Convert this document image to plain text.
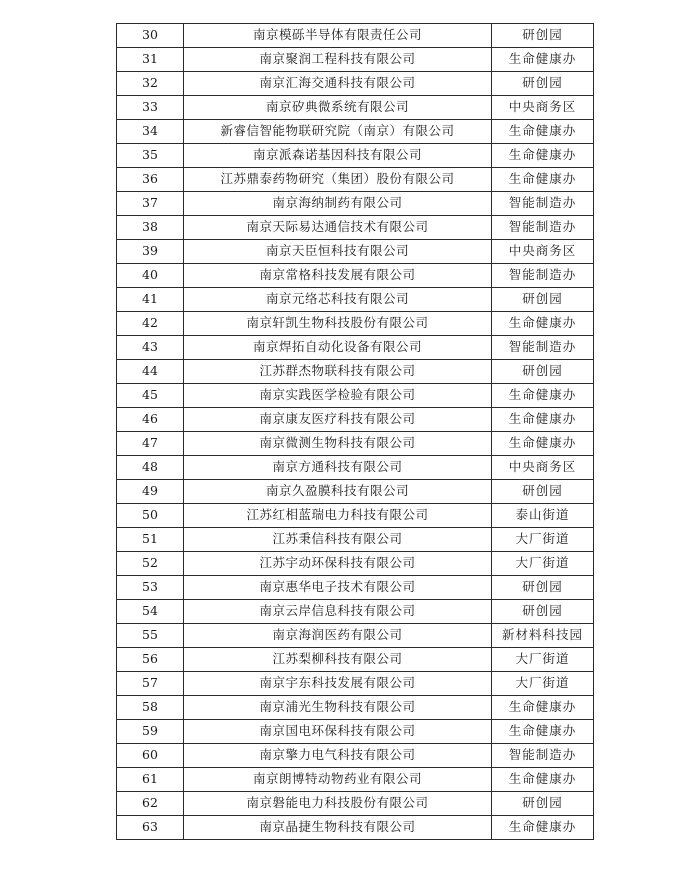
30	南京模砾半导体有限责任公司	研创园
31	南京聚润工程科技有限公司	生命健康办
32	南京汇海交通科技有限公司	研创园
33	南京矽典微系统有限公司	中央商务区
34	新睿信智能物联研究院（南京）有限公司	生命健康办
35	南京派森诺基因科技有限公司	生命健康办
36	江苏鼎泰药物研究（集团）股份有限公司	生命健康办
37	南京海纳制药有限公司	智能制造办
38	南京天际易达通信技术有限公司	智能制造办
39	南京天臣恒科技有限公司	中央商务区
40	南京常格科技发展有限公司	智能制造办
41	南京元络芯科技有限公司	研创园
42	南京轩凯生物科技股份有限公司	生命健康办
43	南京焊拓自动化设备有限公司	智能制造办
44	江苏群杰物联科技有限公司	研创园
45	南京实践医学检验有限公司	生命健康办
46	南京康友医疗科技有限公司	生命健康办
47	南京微测生物科技有限公司	生命健康办
48	南京方通科技有限公司	中央商务区
49	南京久盈膜科技有限公司	研创园
50	江苏红相蓝瑞电力科技有限公司	泰山街道
51	江苏秉信科技有限公司	大厂街道
52	江苏宇动环保科技有限公司	大厂街道
53	南京惠华电子技术有限公司	研创园
54	南京云岸信息科技有限公司	研创园
55	南京海润医药有限公司	新材料科技园
56	江苏梨柳科技有限公司	大厂街道
57	南京宇东科技发展有限公司	大厂街道
58	南京浦光生物科技有限公司	生命健康办
59	南京国电环保科技有限公司	生命健康办
60	南京擎力电气科技有限公司	智能制造办
61	南京朗博特动物药业有限公司	生命健康办
62	南京磐能电力科技股份有限公司	研创园
63	南京晶捷生物科技有限公司	生命健康办
